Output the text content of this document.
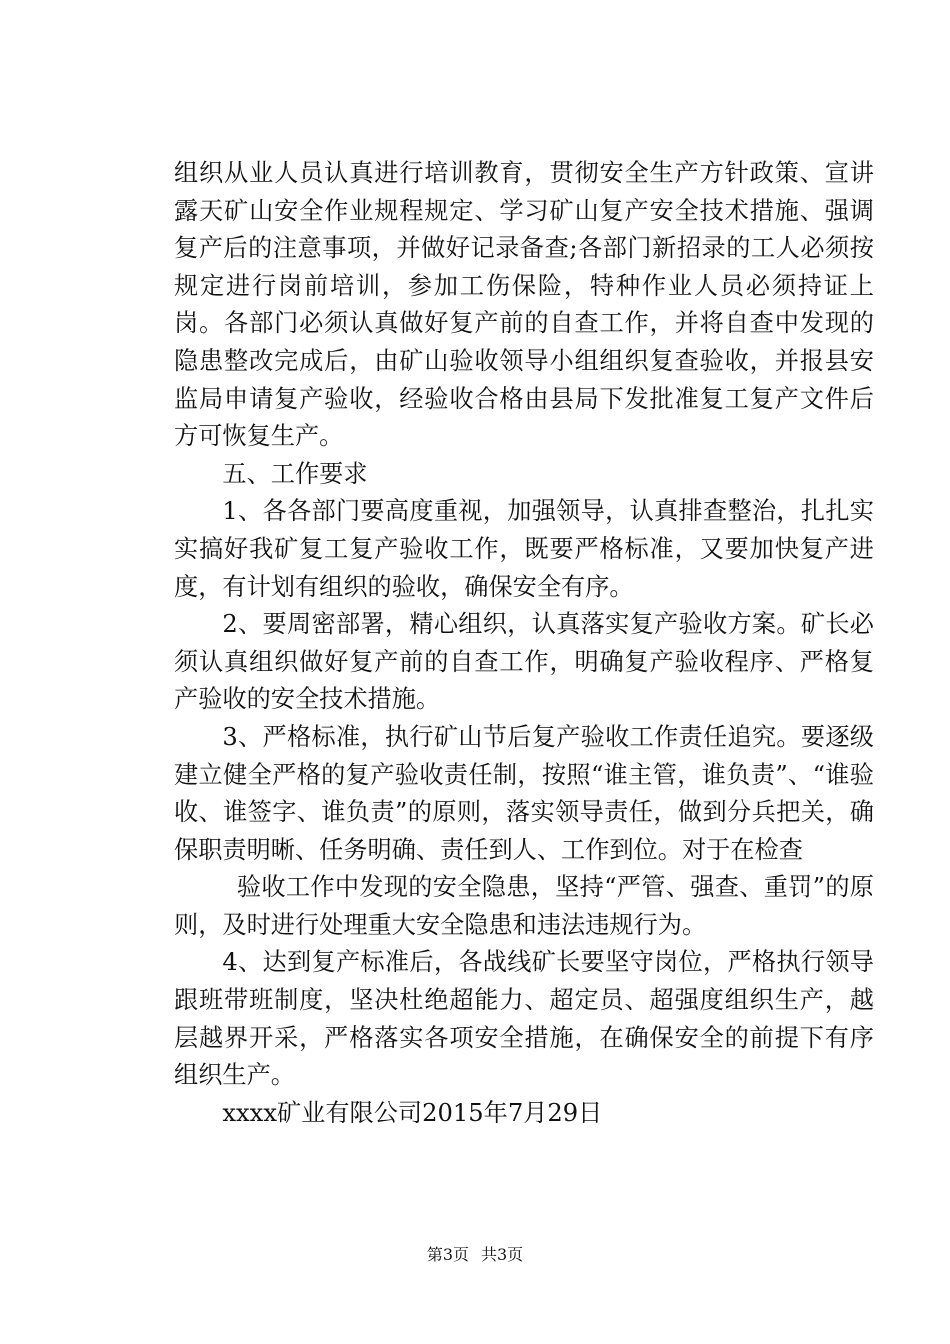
组织从业人员认真进行培训教育，贯彻安全生产方针政策、宣讲露天矿山安全作业规程规定、学习矿山复产安全技术措施、强调复产后的注意事项，并做好记录备查;各部门新招录的工人必须按规定进行岗前培训，参加工伤保险，特种作业人员必须持证上岗。各部门必须认真做好复产前的自查工作，并将自查中发现的隐患整改完成后，由矿山验收领导小组组织复查验收，并报县安监局申请复产验收，经验收合格由县局下发批准复工复产文件后方可恢复生产。

五、工作要求

1、各各部门要高度重视，加强领导，认真排查整治，扎扎实实搞好我矿复工复产验收工作，既要严格标准，又要加快复产进度，有计划有组织的验收，确保安全有序。

2、要周密部署，精心组织，认真落实复产验收方案。矿长必须认真组织做好复产前的自查工作，明确复产验收程序、严格复产验收的安全技术措施。

3、严格标准，执行矿山节后复产验收工作责任追究。要逐级建立健全严格的复产验收责任制，按照“谁主管，谁负责”、“谁验收、谁签字、谁负责”的原则，落实领导责任，做到分兵把关，确保职责明晰、任务明确、责任到人、工作到位。对于在检查

验收工作中发现的安全隐患，坚持“严管、强查、重罚”的原则，及时进行处理重大安全隐患和违法违规行为。

4、达到复产标准后，各战线矿长要坚守岗位，严格执行领导跟班带班制度，坚决杜绝超能力、超定员、超强度组织生产，越层越界开采，严格落实各项安全措施，在确保安全的前提下有序组织生产。

xxxx矿业有限公司2015年7月29日

第3页 共3页
